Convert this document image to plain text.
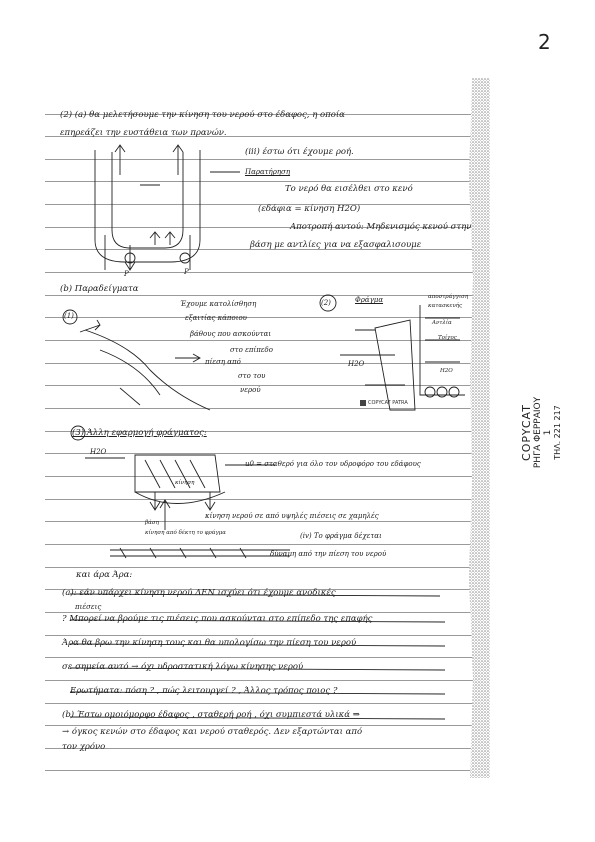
2
(2) (a) θα μελετήσουμε την κίνηση του νερού στο έδαφος, η οποία
επηρεάζει την ευστάθεια των πρανών.
(iii) έστω ότι έχουμε ροή.
P	P
Παρατήρηση
Το νερό θα εισέλθει στο κενό
(εδάφια = κίνηση H2O)
Αποτροπή αυτού: Μηδενισμός κενού στην
βάση με αντλίες για να εξασφαλισουμε
(b) Παραδείγματα
(1)
Έχουμε κατολίσθηση
εξαιτίας κάποιου
βάθους που ασκούνται
στο επίπεδο
πίεση από
στο του
νερού
(2)	Φράγμα	αποστράγγιση
κατασκευής
Αντλία
Τοίχος
H2O
H2O
(3) Άλλη εφαρμογή φράγματος:
H2O
u0 = σταθερό για όλο τον υδροφόρο του εδάφους
κίνηση
κίνηση νερού σε από υψηλές πιέσεις σε χαμηλές
βάση
κίνηση από δέκτη το φράγμα	(iv) Το φράγμα δέχεται
δύναμη από την πίεση του νερού
και άρα Άρα:
(a): εάν υπάρχει κίνηση νερού ΔΕΝ ισχύει ότι έχουμε ανοδικές
πιέσεις
? Μπορεί να βρούμε τις πιέσεις που ασκούνται στο επίπεδο της επαφής
Άρα θα βρω την κίνηση τους και θα υπολογίσω την πίεση του νερού
σε σημεία αυτό → όχι υδροστατική λόγω κίνησης νερού
Ερωτήματα: πόση ? , πώς λειτουργεί ? , Άλλος τρόπος ποιος ?
(b) Έστω ομοιόμορφο έδαφος , σταθερή ροή , όχι συμπιεστά υλικά ⇒
→ όγκος κενών στο έδαφος και νερού σταθερός. Δεν εξαρτώνται από
τον χρόνο
COPYCAT PATRA
COPYCAT ΡΗΓΑ ΦΕΡΡΑΙΟΥ 1 ΤΗΛ. 221 217
